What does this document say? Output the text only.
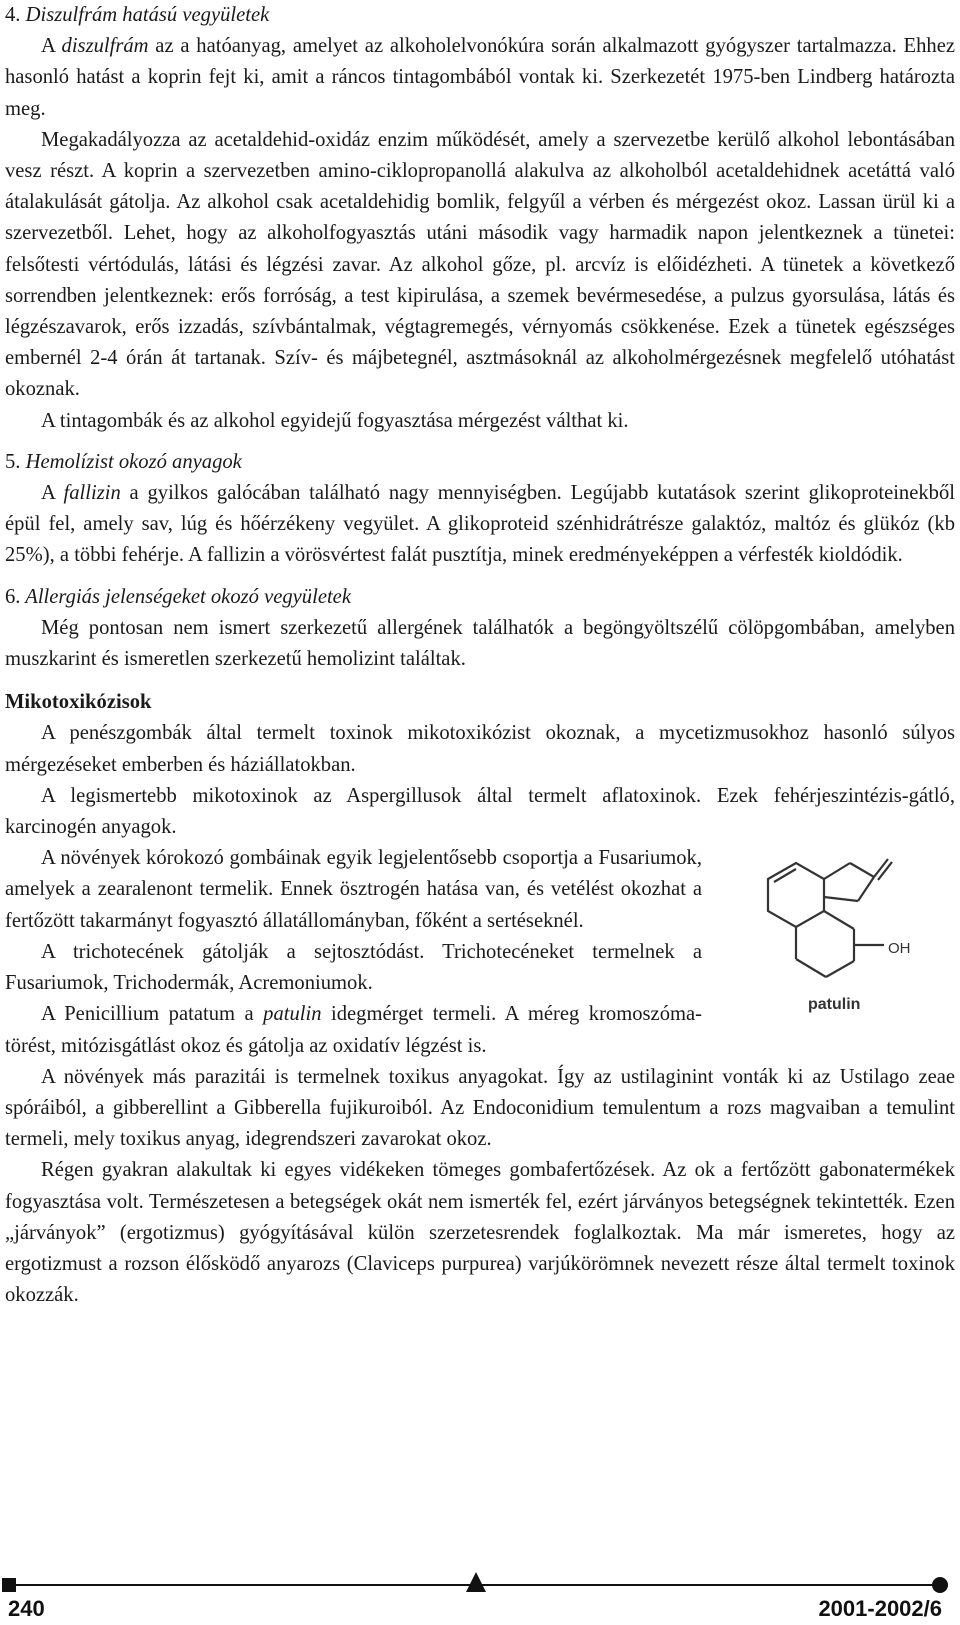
4. Diszulfrám hatású vegyületek

A diszulfrám az a hatóanyag, amelyet az alkoholelvonókúra során alkalmazott gyógyszer tartalmazza. Ehhez hasonló hatást a koprin fejt ki, amit a ráncos tintagombából vontak ki. Szerkezetét 1975-ben Lindberg határozta meg.

Megakadályozza az acetaldehid-oxidáz enzim működését, amely a szervezetbe kerülő alkohol lebontásában vesz részt. A koprin a szervezetben amino-ciklopropanollá alakulva az alkoholból acetaldehidnek acetáttá való átalakulását gátolja. Az alkohol csak acetaldehidig bomlik, felgyűl a vérben és mérgezést okoz. Lassan ürül ki a szervezetből. Lehet, hogy az alkoholfogyasztás utáni második vagy harmadik napon jelentkeznek a tünetei: felsőtesti vértódulás, látási és légzési zavar. Az alkohol gőze, pl. arcvíz is előidézheti. A tünetek a következő sorrendben jelentkeznek: erős forróság, a test kipirulása, a szemek bevérmesedése, a pulzus gyorsulása, látás és légzészavarok, erős izzadás, szívbántalmak, végtagremegés, vérnyomás csökkenése. Ezek a tünetek egészséges embernél 2-4 órán át tartanak. Szív- és májbetegnél, asztmásoknál az alkoholmérgezésnek megfelelő utóhatást okoznak.

A tintagombák és az alkohol egyidejű fogyasztása mérgezést válthat ki.

5. Hemolízist okozó anyagok

A fallizin a gyilkos galócában található nagy mennyiségben. Legújabb kutatások szerint glikoproteinekből épül fel, amely sav, lúg és hőérzékeny vegyület. A glikoproteid szénhidrátrésze galaktóz, maltóz és glükóz (kb 25%), a többi fehérje. A fallizin a vörösvértest falát pusztítja, minek eredményeképpen a vérfesték kioldódik.

6. Allergiás jelenségeket okozó vegyületek

Még pontosan nem ismert szerkezetű allergének találhatók a begöngyöltszélű cölöpgombában, amelyben muszkarint és ismeretlen szerkezetű hemolizint találtak.

Mikotoxikózisok

A penészgombák által termelt toxinok mikotoxikózist okoznak, a mycetizmusokhoz hasonló súlyos mérgezéseket emberben és háziállatokban.

A legismertebb mikotoxinok az Aspergillusok által termelt aflatoxinok. Ezek fehérjeszintézis-gátló, karcinogén anyagok.

OH
patulin

A növények kórokozó gombáinak egyik legjelentősebb csoportja a Fusariumok, amelyek a zearalenont termelik. Ennek ösztrogén hatása van, és vetélést okozhat a fertőzött takarmányt fogyasztó állatállományban, főként a sertéseknél.

A trichotecének gátolják a sejtosztódást. Trichotecéneket termelnek a Fusariumok, Trichodermák, Acremoniumok.

A Penicillium patatum a patulin idegmérget termeli. A méreg kromoszóma-törést, mitózisgátlást okoz és gátolja az oxidatív légzést is.

A növények más parazitái is termelnek toxikus anyagokat. Így az ustilaginint vonták ki az Ustilago zeae spóráiból, a gibberellint a Gibberella fujikuroiból. Az Endoconidium temulentum a rozs magvaiban a temulint termeli, mely toxikus anyag, idegrendszeri zavarokat okoz.

Régen gyakran alakultak ki egyes vidékeken tömeges gombafertőzések. Az ok a fertőzött gabonatermékek fogyasztása volt. Természetesen a betegségek okát nem ismerték fel, ezért járványos betegségnek tekintették. Ezen „járványok” (ergotizmus) gyógyításával külön szerzetesrendek foglalkoztak. Ma már ismeretes, hogy az ergotizmust a rozson élősködő anyarozs (Claviceps purpurea) varjúkörömnek nevezett része által termelt toxinok okozzák.

240	2001-2002/6
